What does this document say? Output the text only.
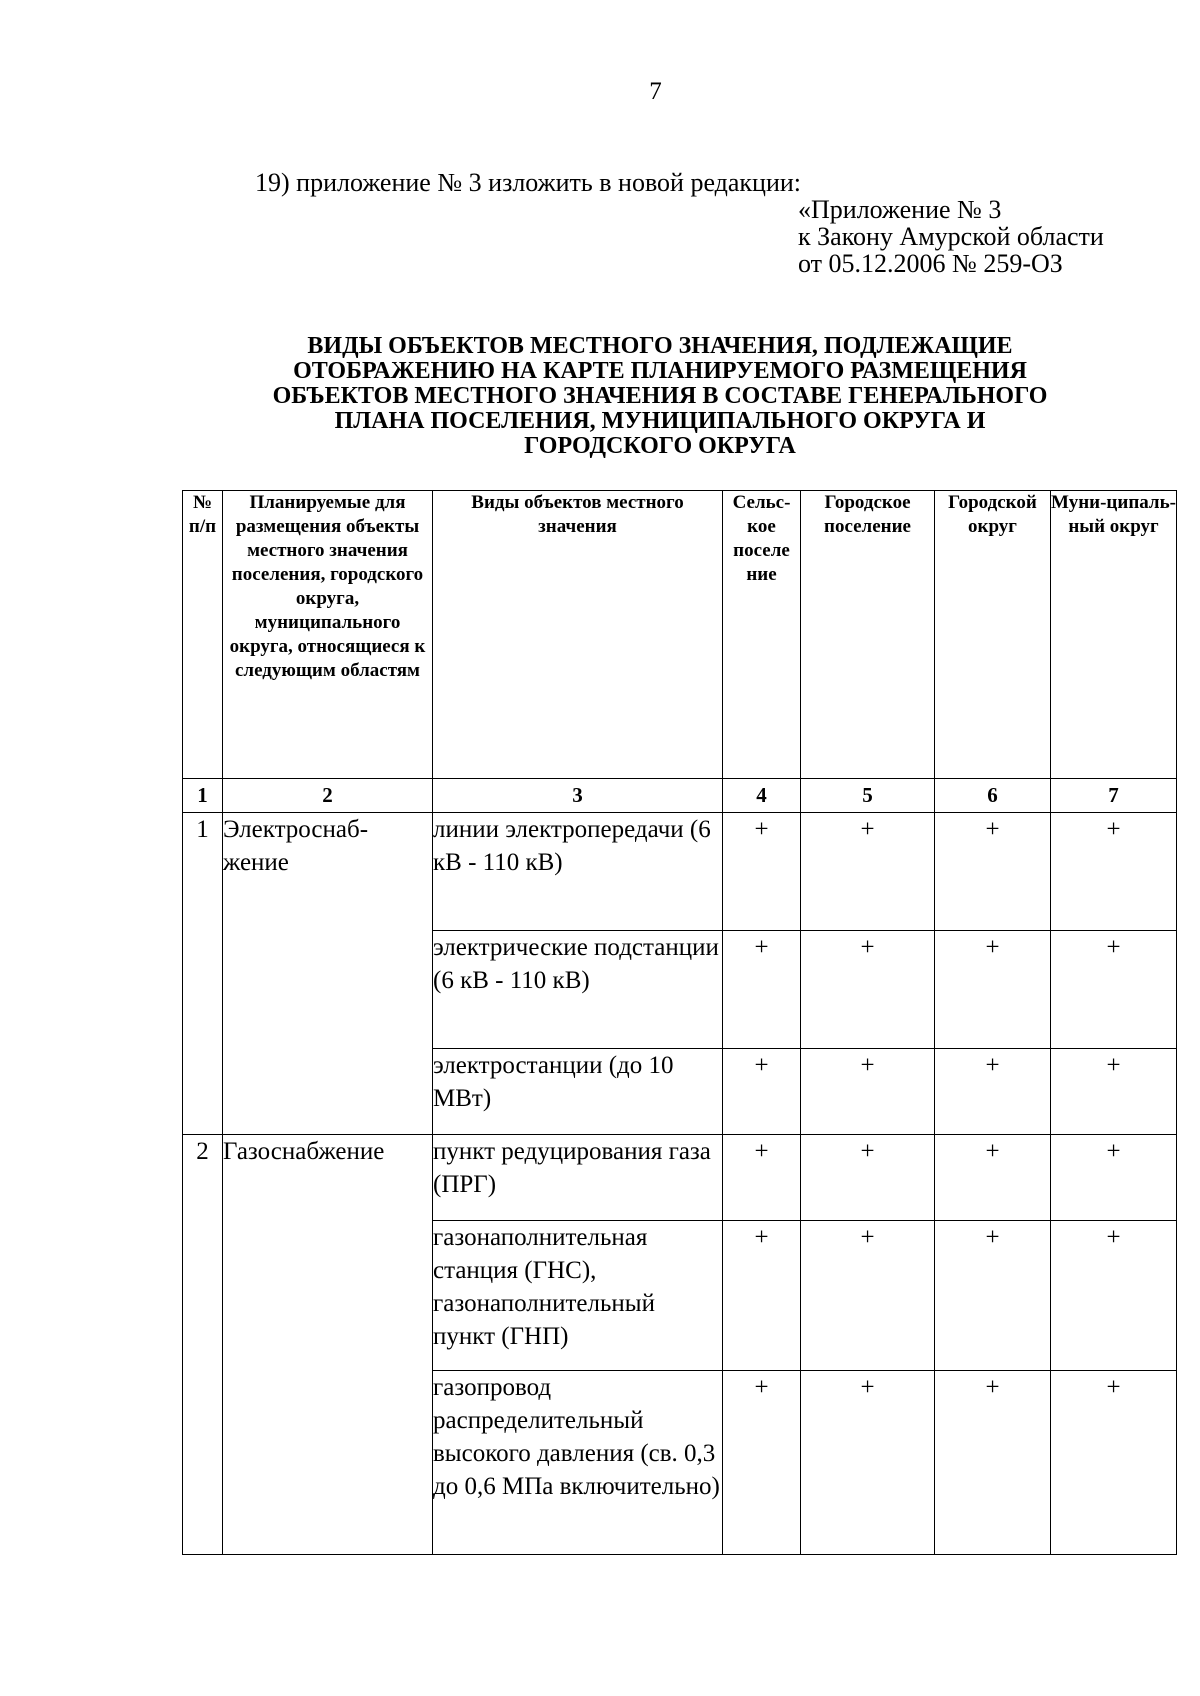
7
19) приложение № 3 изложить в новой редакции:
«Приложение № 3
к Закону Амурской области
от 05.12.2006 № 259-ОЗ
ВИДЫ ОБЪЕКТОВ МЕСТНОГО ЗНАЧЕНИЯ, ПОДЛЕЖАЩИЕ
ОТОБРАЖЕНИЮ НА КАРТЕ ПЛАНИРУЕМОГО РАЗМЕЩЕНИЯ
ОБЪЕКТОВ МЕСТНОГО ЗНАЧЕНИЯ В СОСТАВЕ ГЕНЕРАЛЬНОГО
ПЛАНА ПОСЕЛЕНИЯ, МУНИЦИПАЛЬНОГО ОКРУГА И
ГОРОДСКОГО ОКРУГА
№ п/п	Планируемые для размещения объекты местного значения поселения, городского округа, муниципального округа, относящиеся к следующим областям	Виды объектов местного значения	Сельс-кое поселе ние	Городское поселение	Городской округ	Муни-ципаль-ный округ
1	2	3	4	5	6	7
1	Электроснаб-жение	линии электропередачи (6 кВ - 110 кВ)	+	+	+	+
		электрические подстанции (6 кВ - 110 кВ)	+	+	+	+
		электростанции (до 10 МВт)	+	+	+	+
2	Газоснабжение	пункт редуцирования газа (ПРГ)	+	+	+	+
		газонаполнительная станция (ГНС), газонаполнительный пункт (ГНП)	+	+	+	+
		газопровод распределительный высокого давления (св. 0,3 до 0,6 МПа включительно)	+	+	+	+
